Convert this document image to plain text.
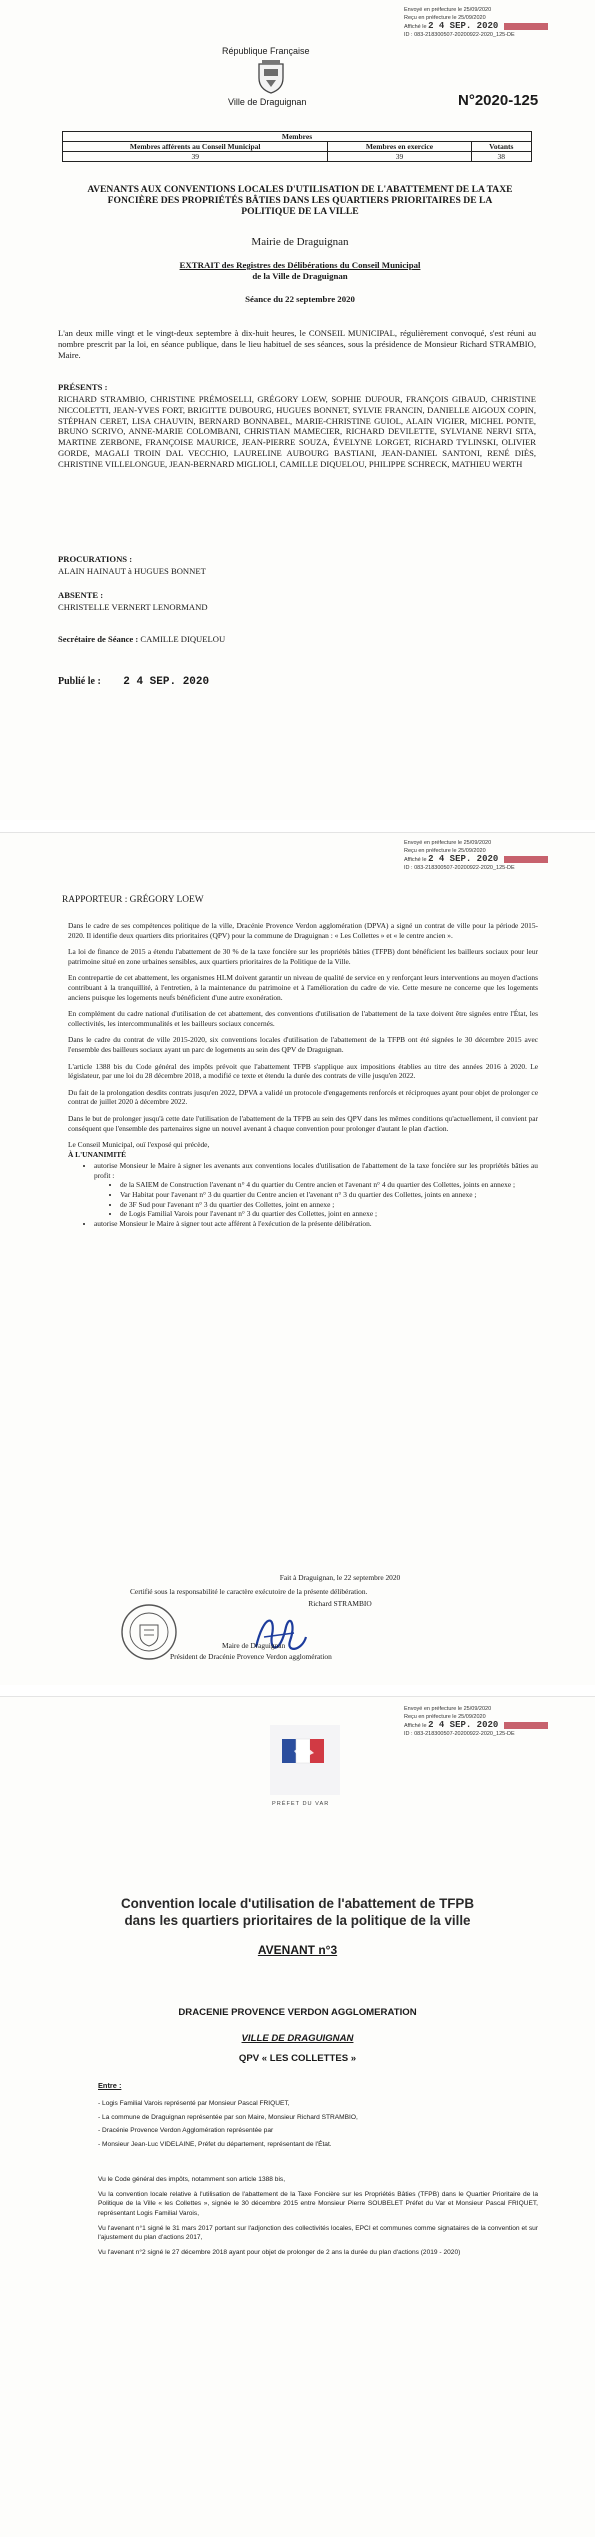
Envoyé en préfecture le 25/09/2020
Reçu en préfecture le 25/09/2020
Affiché le 2 4 SEP. 2020
ID : 083-218300507-20200922-2020_125-DE
République Française
Ville de Draguignan	N°2020-125
Membres		
Membres afférents au Conseil Municipal	Membres en exercice	Votants
39	39	38
AVENANTS AUX CONVENTIONS LOCALES D'UTILISATION DE L'ABATTEMENT DE LA TAXE FONCIÈRE DES PROPRIÉTÉS BÂTIES DANS LES QUARTIERS PRIORITAIRES DE LA POLITIQUE DE LA VILLE
Mairie de Draguignan
EXTRAIT des Registres des Délibérations du Conseil Municipal
de la Ville de Draguignan
Séance du 22 septembre 2020
L'an deux mille vingt et le vingt-deux septembre à dix-huit heures, le CONSEIL MUNICIPAL, régulièrement convoqué, s'est réuni au nombre prescrit par la loi, en séance publique, dans le lieu habituel de ses séances, sous la présidence de Monsieur Richard STRAMBIO, Maire.
PRÉSENTS :
RICHARD STRAMBIO, CHRISTINE PRÉMOSELLI, GRÉGORY LOEW, SOPHIE DUFOUR, FRANÇOIS GIBAUD, CHRISTINE NICCOLETTI, JEAN-YVES FORT, BRIGITTE DUBOURG, HUGUES BONNET, SYLVIE FRANCIN, DANIELLE AIGOUX COPIN, STÉPHAN CERET, LISA CHAUVIN, BERNARD BONNABEL, MARIE-CHRISTINE GUIOL, ALAIN VIGIER, MICHEL PONTE, BRUNO SCRIVO, ANNE-MARIE COLOMBANI, CHRISTIAN MAMECIER, RICHARD DEVILETTE, SYLVIANE NERVI SITA, MARTINE ZERBONE, FRANÇOISE MAURICE, JEAN-PIERRE SOUZA, ÉVELYNE LORGET, RICHARD TYLINSKI, OLIVIER GORDE, MAGALI TROIN DAL VECCHIO, LAURELINE AUBOURG BASTIANI, JEAN-DANIEL SANTONI, RENÉ DIÈS, CHRISTINE VILLELONGUE, JEAN-BERNARD MIGLIOLI, CAMILLE DIQUELOU, PHILIPPE SCHRECK, MATHIEU WERTH
PROCURATIONS :
ALAIN HAINAUT à HUGUES BONNET
ABSENTE :
CHRISTELLE VERNERT LENORMAND
Secrétaire de Séance : CAMILLE DIQUELOU
Publié le : 2 4 SEP. 2020
Envoyé en préfecture le 25/09/2020
Reçu en préfecture le 25/09/2020
Affiché le 2 4 SEP. 2020
ID : 083-218300507-20200922-2020_125-DE
RAPPORTEUR : GRÉGORY LOEW

Dans le cadre de ses compétences politique de la ville, Dracénie Provence Verdon agglomération (DPVA) a signé un contrat de ville pour la période 2015-2020. Il identifie deux quartiers dits prioritaires (QPV) pour la commune de Draguignan : « Les Collettes » et « le centre ancien ».

La loi de finance de 2015 a étendu l'abattement de 30 % de la taxe foncière sur les propriétés bâties (TFPB) dont bénéficient les bailleurs sociaux pour leur patrimoine situé en zone urbaines sensibles, aux quartiers prioritaires de la Politique de la Ville.

En contrepartie de cet abattement, les organismes HLM doivent garantir un niveau de qualité de service en y renforçant leurs interventions au moyen d'actions contribuant à la tranquillité, à l'entretien, à la maintenance du patrimoine et à l'amélioration du cadre de vie. Cette mesure ne concerne que les logements anciens puisque les logements neufs bénéficient d'une autre exonération.

En complément du cadre national d'utilisation de cet abattement, des conventions d'utilisation de l'abattement de la taxe doivent être signées entre l'État, les collectivités, les intercommunalités et les bailleurs sociaux concernés.

Dans le cadre du contrat de ville 2015-2020, six conventions locales d'utilisation de l'abattement de la TFPB ont été signées le 30 décembre 2015 avec l'ensemble des bailleurs sociaux ayant un parc de logements au sein des QPV de Draguignan.

L'article 1388 bis du Code général des impôts prévoit que l'abattement TFPB s'applique aux impositions établies au titre des années 2016 à 2020. Le législateur, par une loi du 28 décembre 2018, a modifié ce texte et étendu la durée des contrats de ville jusqu'en 2022.

Du fait de la prolongation desdits contrats jusqu'en 2022, DPVA a validé un protocole d'engagements renforcés et réciproques ayant pour objet de prolonger ce contrat de juillet 2020 à décembre 2022.

Dans le but de prolonger jusqu'à cette date l'utilisation de l'abattement de la TFPB au sein des QPV dans les mêmes conditions qu'actuellement, il convient par conséquent que l'ensemble des partenaires signe un nouvel avenant à chaque convention pour prolonger d'autant le plan d'action.

Le Conseil Municipal, ouï l'exposé qui précède,
À L'UNANIMITÉ
• autorise Monsieur le Maire à signer les avenants aux conventions locales d'utilisation de l'abattement de la taxe foncière sur les propriétés bâties au profit :
• de la SAIEM de Construction l'avenant n° 4 du quartier du Centre ancien et l'avenant n° 4 du quartier des Collettes, joints en annexe ;
• Var Habitat pour l'avenant n° 3 du quartier du Centre ancien et l'avenant n° 3 du quartier des Collettes, joints en annexe ;
• de 3F Sud pour l'avenant n° 3 du quartier des Collettes, joint en annexe ;
• de Logis Familial Varois pour l'avenant n° 3 du quartier des Collettes, joint en annexe ;
• autorise Monsieur le Maire à signer tout acte afférent à l'exécution de la présente délibération.
Fait à Draguignan, le 22 septembre 2020
Certifié sous la responsabilité le caractère exécutoire de la présente délibération.
Richard STRAMBIO
Maire de Draguignan
Président de Dracénie Provence Verdon agglomération
Envoyé en préfecture le 25/09/2020
Reçu en préfecture le 25/09/2020
Affiché le 2 4 SEP. 2020
ID : 083-218300507-20200922-2020_125-DE
PRÉFET DU VAR
Convention locale d'utilisation de l'abattement de TFPB
dans les quartiers prioritaires de la politique de la ville
AVENANT n°3
DRACENIE PROVENCE VERDON AGGLOMERATION
VILLE DE DRAGUIGNAN
QPV « LES COLLETTES »
Entre :
- Logis Familial Varois représenté par Monsieur Pascal FRIQUET,
- La commune de Draguignan représentée par son Maire, Monsieur Richard STRAMBIO,
- Dracénie Provence Verdon Agglomération représentée par
- Monsieur Jean-Luc VIDELAINE, Préfet du département, représentant de l'État.

Vu le Code général des impôts, notamment son article 1388 bis,

Vu la convention locale relative à l'utilisation de l'abattement de la Taxe Foncière sur les Propriétés Bâties (TFPB) dans le Quartier Prioritaire de la Politique de la Ville « les Collettes », signée le 30 décembre 2015 entre Monsieur Pierre SOUBELET Préfet du Var et Monsieur Pascal FRIQUET, représentant Logis Familial Varois,

Vu l'avenant n°1 signé le 31 mars 2017 portant sur l'adjonction des collectivités locales, EPCI et communes comme signataires de la convention et sur l'ajustement du plan d'actions 2017,

Vu l'avenant n°2 signé le 27 décembre 2018 ayant pour objet de prolonger de 2 ans la durée du plan d'actions (2019 - 2020)
